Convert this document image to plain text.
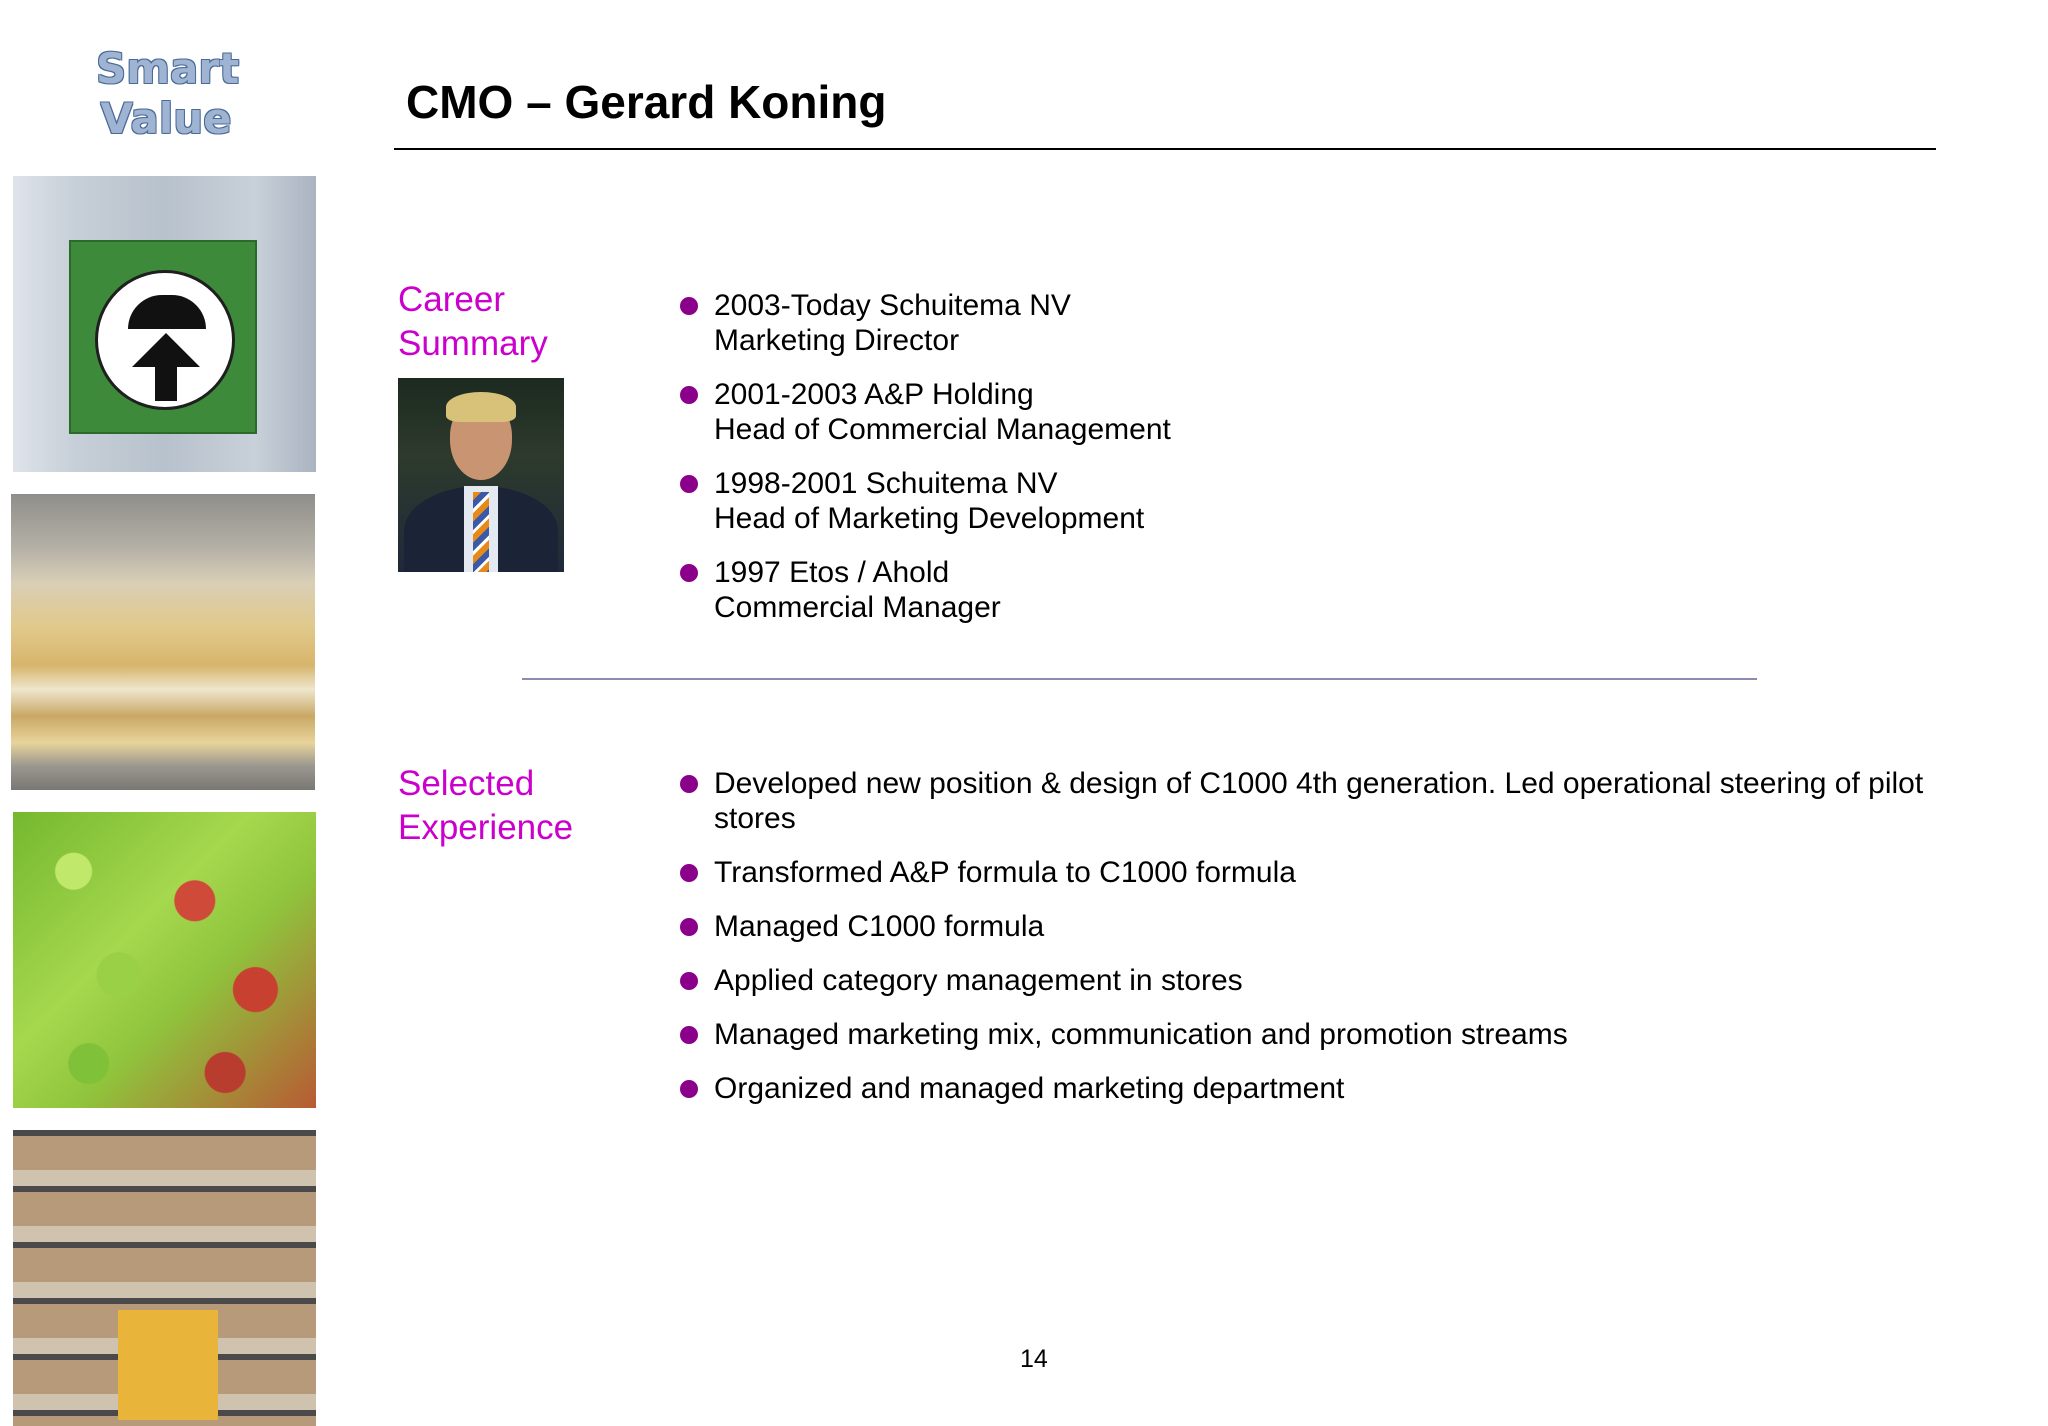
Smart
Value	CMO – Gerard Koning
Career
Summary
2003-Today Schuitema NV
Marketing Director
2001-2003 A&P Holding
Head of Commercial Management
1998-2001 Schuitema NV
Head of Marketing Development
1997 Etos / Ahold
Commercial Manager
Selected
Experience
Developed new position & design of C1000 4th generation. Led operational steering of pilot stores
Transformed A&P formula to C1000 formula
Managed C1000 formula
Applied category management in stores
Managed marketing mix, communication and promotion streams
Organized and managed marketing department
14
